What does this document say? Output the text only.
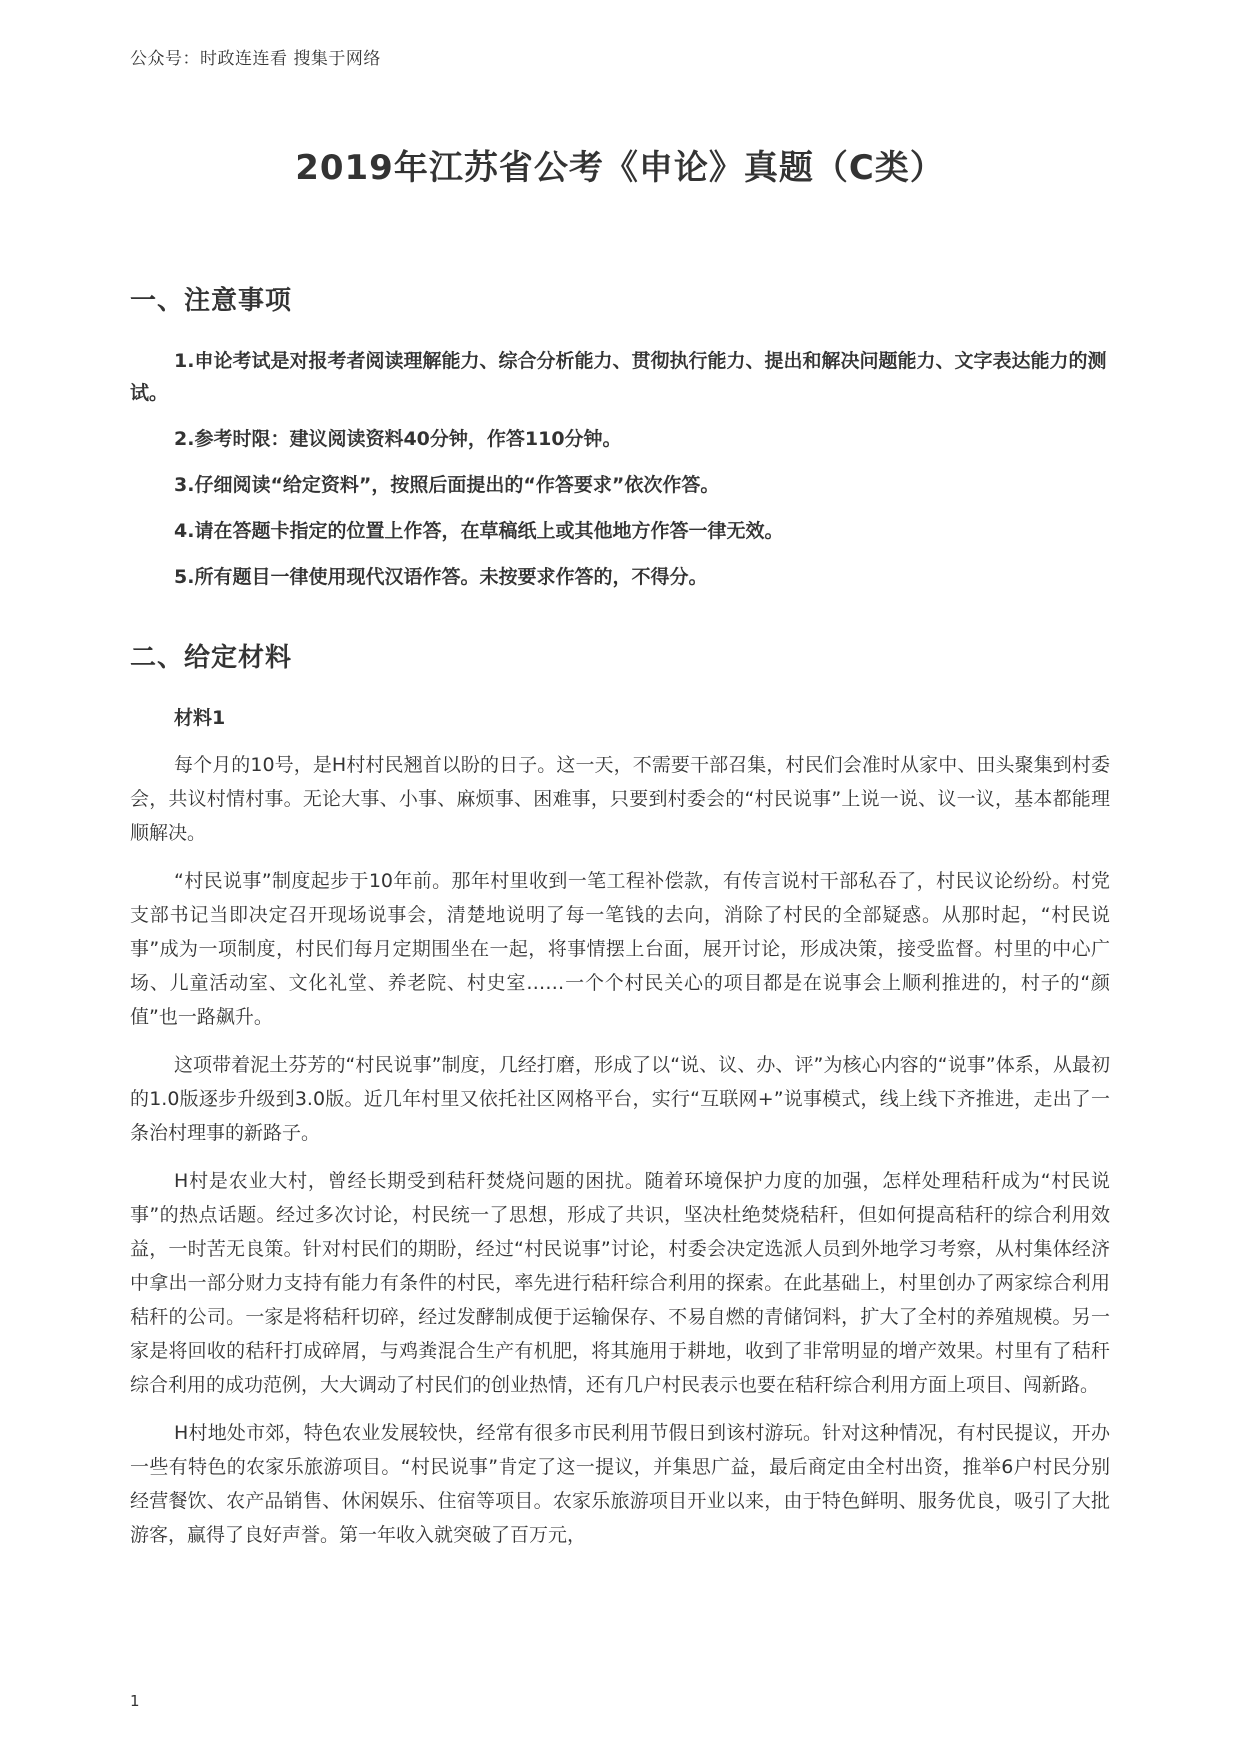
公众号：时政连连看 搜集于网络
2019年江苏省公考《申论》真题（C类）
一、注意事项
1.申论考试是对报考者阅读理解能力、综合分析能力、贯彻执行能力、提出和解决问题能力、文字表达能力的测试。
2.参考时限：建议阅读资料40分钟，作答110分钟。
3.仔细阅读“给定资料”，按照后面提出的“作答要求”依次作答。
4.请在答题卡指定的位置上作答，在草稿纸上或其他地方作答一律无效。
5.所有题目一律使用现代汉语作答。未按要求作答的，不得分。
二、给定材料

材料1

每个月的10号，是H村村民翘首以盼的日子。这一天，不需要干部召集，村民们会准时从家中、田头聚集到村委会，共议村情村事。无论大事、小事、麻烦事、困难事，只要到村委会的“村民说事”上说一说、议一议，基本都能理顺解决。

“村民说事”制度起步于10年前。那年村里收到一笔工程补偿款，有传言说村干部私吞了，村民议论纷纷。村党支部书记当即决定召开现场说事会，清楚地说明了每一笔钱的去向，消除了村民的全部疑惑。从那时起，“村民说事”成为一项制度，村民们每月定期围坐在一起，将事情摆上台面，展开讨论，形成决策，接受监督。村里的中心广场、儿童活动室、文化礼堂、养老院、村史室……一个个村民关心的项目都是在说事会上顺利推进的，村子的“颜值”也一路飙升。

这项带着泥土芬芳的“村民说事”制度，几经打磨，形成了以“说、议、办、评”为核心内容的“说事”体系，从最初的1.0版逐步升级到3.0版。近几年村里又依托社区网格平台，实行“互联网+”说事模式，线上线下齐推进，走出了一条治村理事的新路子。

H村是农业大村，曾经长期受到秸秆焚烧问题的困扰。随着环境保护力度的加强，怎样处理秸秆成为“村民说事”的热点话题。经过多次讨论，村民统一了思想，形成了共识，坚决杜绝焚烧秸秆，但如何提高秸秆的综合利用效益，一时苦无良策。针对村民们的期盼，经过“村民说事”讨论，村委会决定选派人员到外地学习考察，从村集体经济中拿出一部分财力支持有能力有条件的村民，率先进行秸秆综合利用的探索。在此基础上，村里创办了两家综合利用秸秆的公司。一家是将秸秆切碎，经过发酵制成便于运输保存、不易自燃的青储饲料，扩大了全村的养殖规模。另一家是将回收的秸秆打成碎屑，与鸡粪混合生产有机肥，将其施用于耕地，收到了非常明显的增产效果。村里有了秸秆综合利用的成功范例，大大调动了村民们的创业热情，还有几户村民表示也要在秸秆综合利用方面上项目、闯新路。

H村地处市郊，特色农业发展较快，经常有很多市民利用节假日到该村游玩。针对这种情况，有村民提议，开办一些有特色的农家乐旅游项目。“村民说事”肯定了这一提议，并集思广益，最后商定由全村出资，推举6户村民分别经营餐饮、农产品销售、休闲娱乐、住宿等项目。农家乐旅游项目开业以来，由于特色鲜明、服务优良，吸引了大批游客，赢得了良好声誉。第一年收入就突破了百万元，

1
